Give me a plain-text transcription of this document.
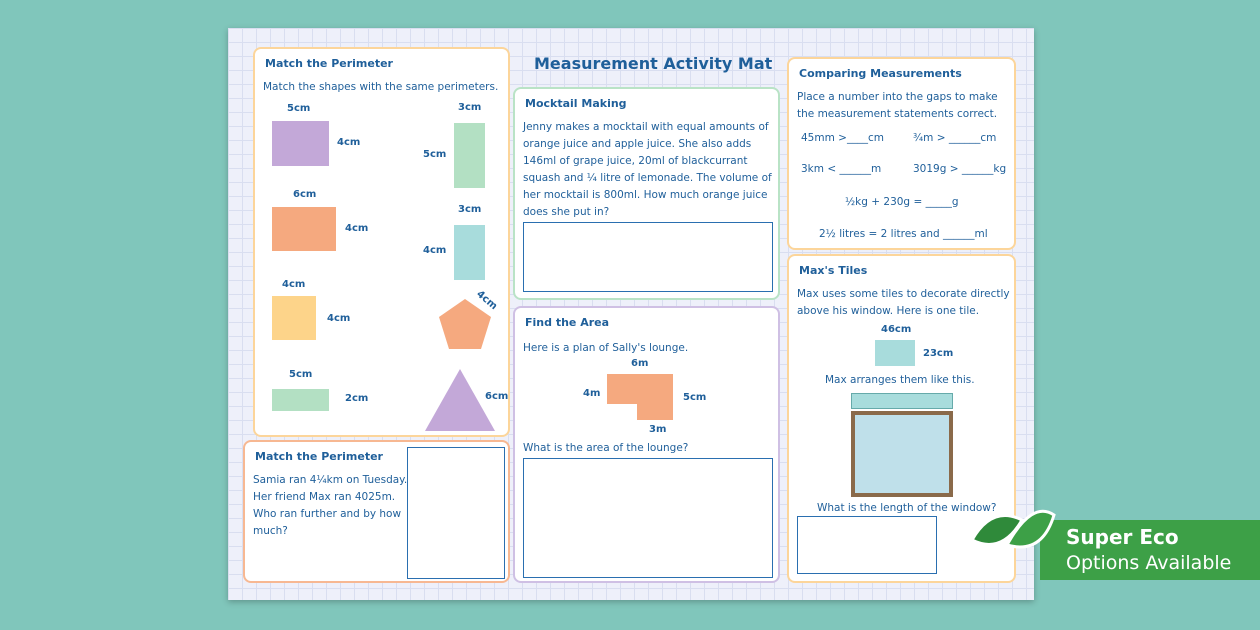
Measurement Activity Mat
Match the Perimeter
Match the shapes with the same perimeters.
5cm
4cm
3cm
5cm
6cm
4cm
3cm
4cm
4cm
4cm
4cm
5cm
2cm	6cm
Mocktail Making
Jenny makes a mocktail with equal amounts of orange juice and apple juice. She also adds 146ml of grape juice, 20ml of blackcurrant squash and ¼ litre of lemonade. The volume of her mocktail is 800ml. How much orange juice does she put in?
Find the Area
Here is a plan of Sally's lounge.
6m
4m	5cm
3m
What is the area of the lounge?
Comparing Measurements
Place a number into the gaps to make the measurement statements correct.
45mm >____cm	¾m > ______cm
3km < ______m	3019g > ______kg
½kg + 230g = _____g
2½ litres = 2 litres and ______ml
Max's Tiles
Max uses some tiles to decorate directly above his window. Here is one tile.
46cm
23cm
Max arranges them like this.
What is the length of the window?
Match the Perimeter
Samia ran 4¼km on Tuesday. Her friend Max ran 4025m. Who ran further and by how much?	Super Eco
Options Available
